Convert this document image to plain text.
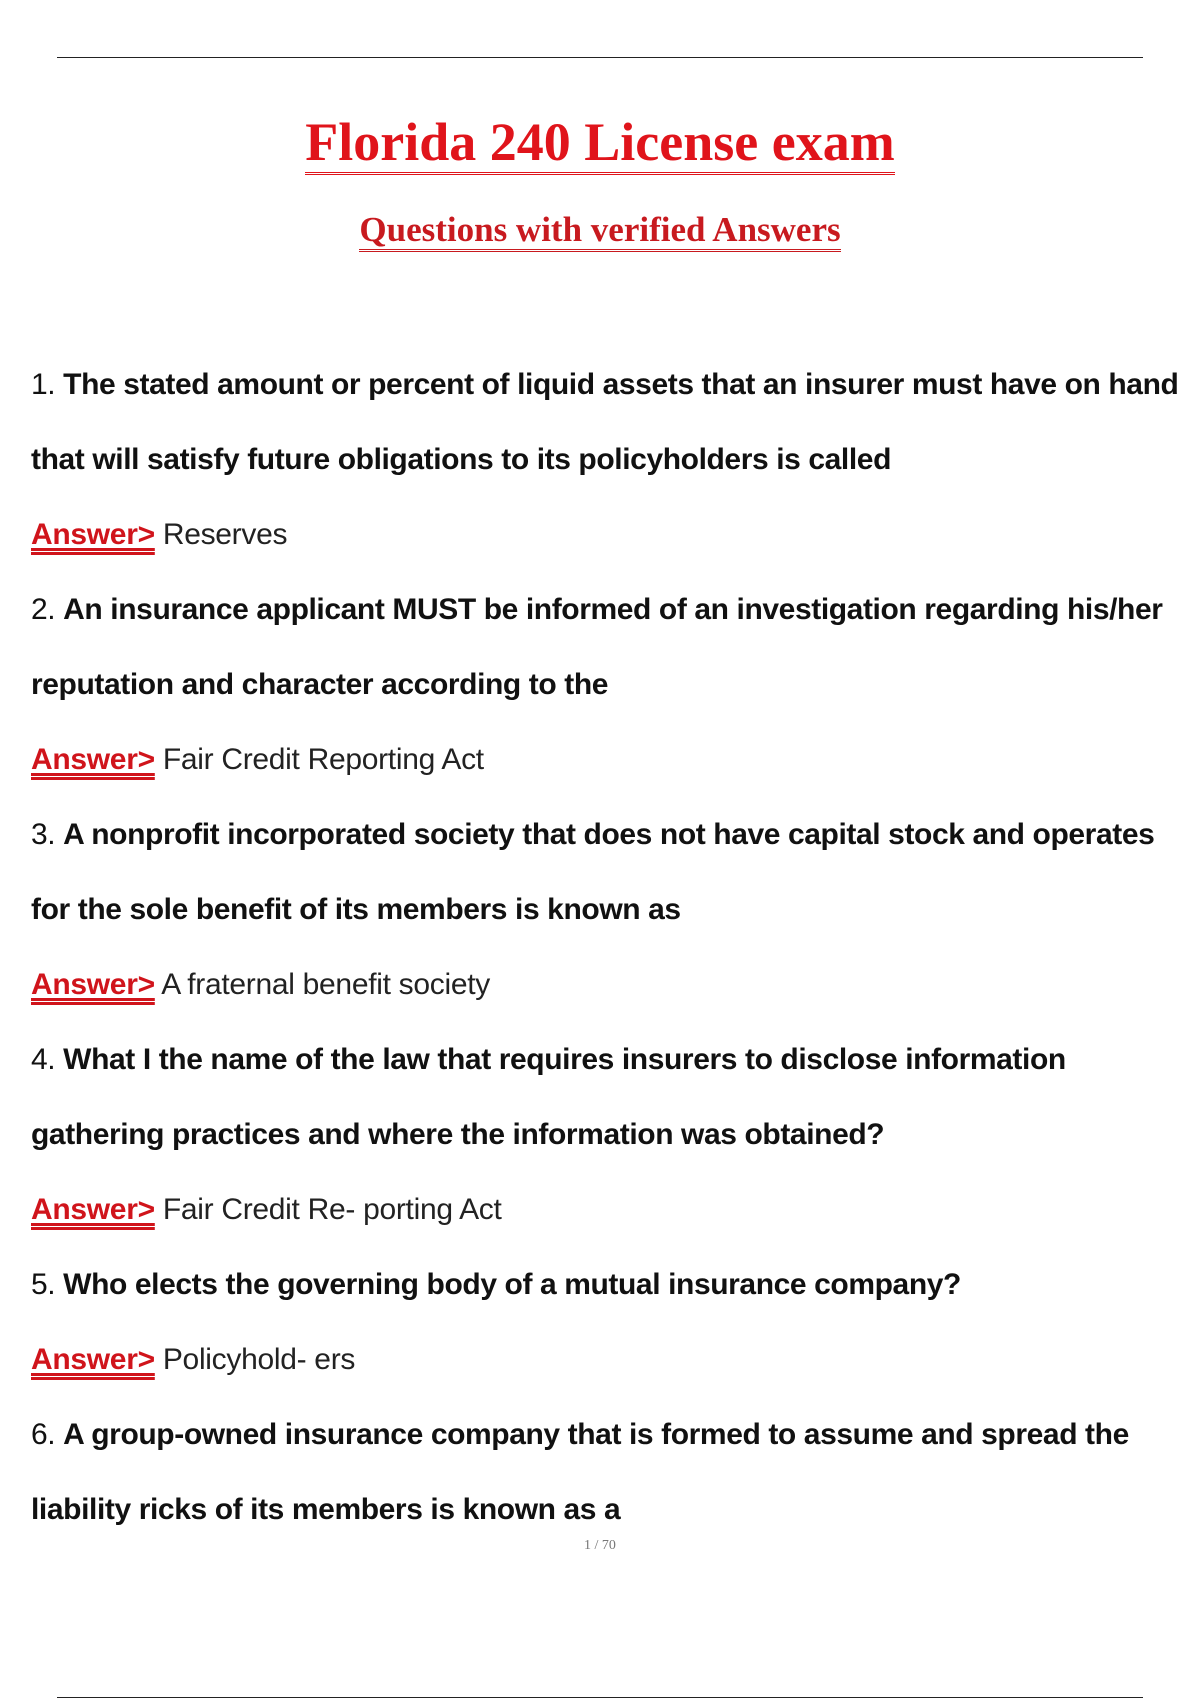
Florida 240 License exam
Questions with verified Answers

1. The stated amount or percent of liquid assets that an insurer must have on hand that will satisfy future obligations to its policyholders is called

Answer> Reserves

2. An insurance applicant MUST be informed of an investigation regarding his/her reputation and character according to the

Answer> Fair Credit Reporting Act

3. A nonprofit incorporated society that does not have capital stock and operates for the sole benefit of its members is known as

Answer> A fraternal benefit society

4. What I the name of the law that requires insurers to disclose information gathering practices and where the information was obtained?

Answer> Fair Credit Re- porting Act

5. Who elects the governing body of a mutual insurance company?

Answer> Policyhold- ers

6. A group-owned insurance company that is formed to assume and spread the liability ricks of its members is known as a

1 / 70
